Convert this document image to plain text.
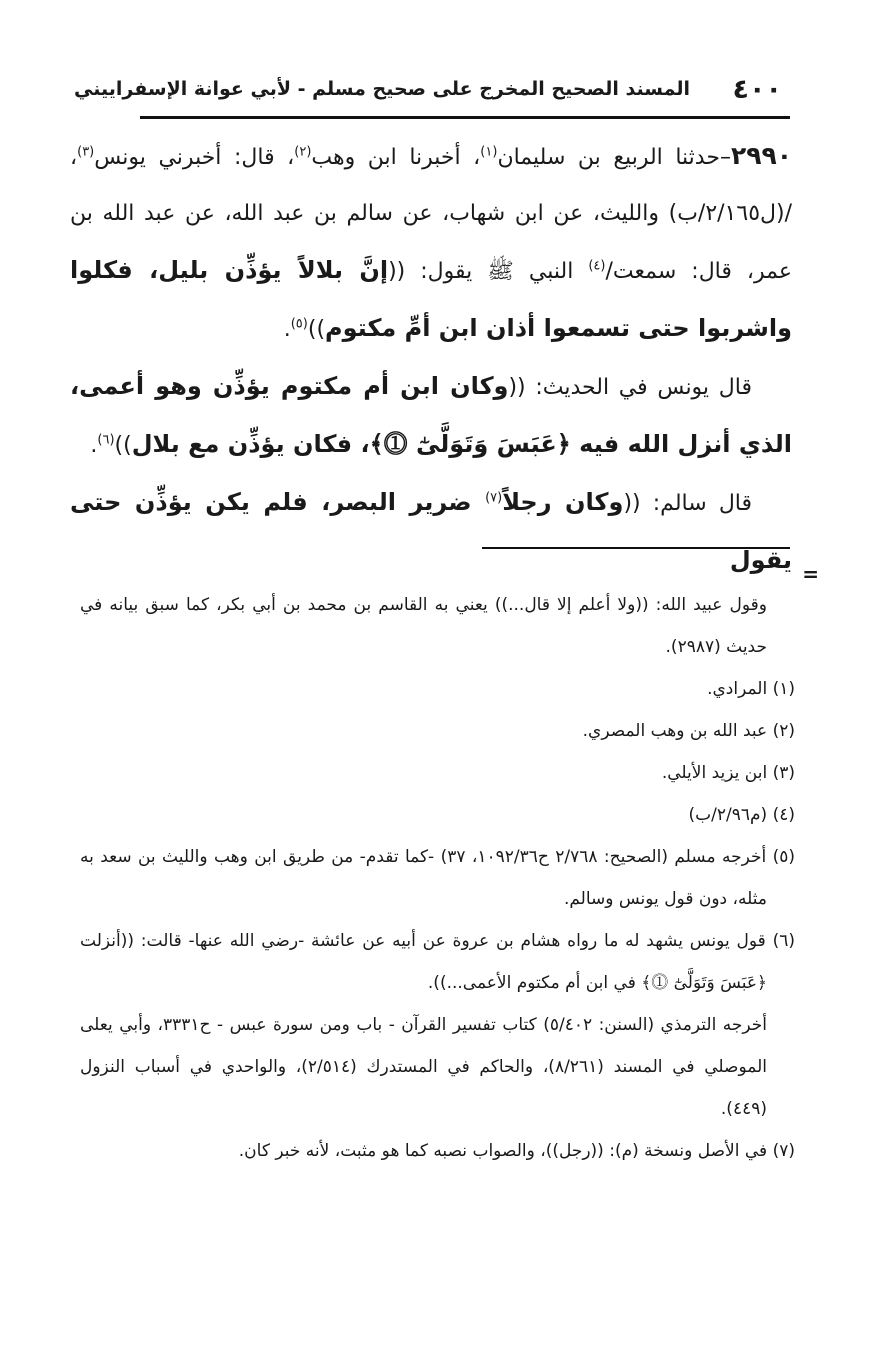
٤٠٠
المسند الصحيح المخرج على صحيح مسلم - لأبي عوانة الإسفراييني

٢٩٩٠–حدثنا الربيع بن سليمان$^{(١)}$، أخبرنا ابن وهب$^{(٢)}$، قال: أخبرني يونس$^{(٣)}$، /(ل٢/١٦٥/ب) والليث، عن ابن شهاب، عن سالم بن عبد الله، عن عبد الله بن عمر، قال: سمعت/$^{(٤)}$ النبي ﷺ يقول: ((إنَّ بلالاً يؤذِّن بليل، فكلوا واشربوا حتى تسمعوا أذان ابن أمِّ مكتوم))$^{(٥)}$.

قال يونس في الحديث: ((وكان ابن أم مكتوم يؤذِّن وهو أعمى، الذي أنزل الله فيه ﴿عَبَسَ وَتَوَلَّىٰٓ ⓵﴾، فكان يؤذِّن مع بلال))$^{(٦)}$.

قال سالم: ((وكان رجلاً$^{(٧)}$ ضرير البصر، فلم يكن يؤذِّن حتى يقول =

وقول عبيد الله: ((ولا أعلم إلا قال...)) يعني به القاسم بن محمد بن أبي بكر، كما سبق بيانه في حديث (٢٩٨٧).

(١) المرادي.

(٢) عبد الله بن وهب المصري.

(٣) ابن يزيد الأيلي.

(٤) (م٢/٩٦/ب)

(٥) أخرجه مسلم (الصحيح: ٢/٧٦٨ ح١٠٩٢/٣٦، ٣٧) -كما تقدم- من طريق ابن وهب والليث بن سعد به مثله، دون قول يونس وسالم.

(٦) قول يونس يشهد له ما رواه هشام بن عروة عن أبيه عن عائشة -رضي الله عنها- قالت: ((أنزلت ﴿عَبَسَ وَتَوَلَّىٰٓ ⓵﴾ في ابن أم مكتوم الأعمى...)).

أخرجه الترمذي (السنن: ٥/٤٠٢) كتاب تفسير القرآن - باب ومن سورة عبس - ح٣٣٣١، وأبي يعلى الموصلي في المسند (٨/٢٦١)، والحاكم في المستدرك (٢/٥١٤)، والواحدي في أسباب النزول (٤٤٩).

(٧) في الأصل ونسخة (م): ((رجل))، والصواب نصبه كما هو مثبت، لأنه خبر كان.
